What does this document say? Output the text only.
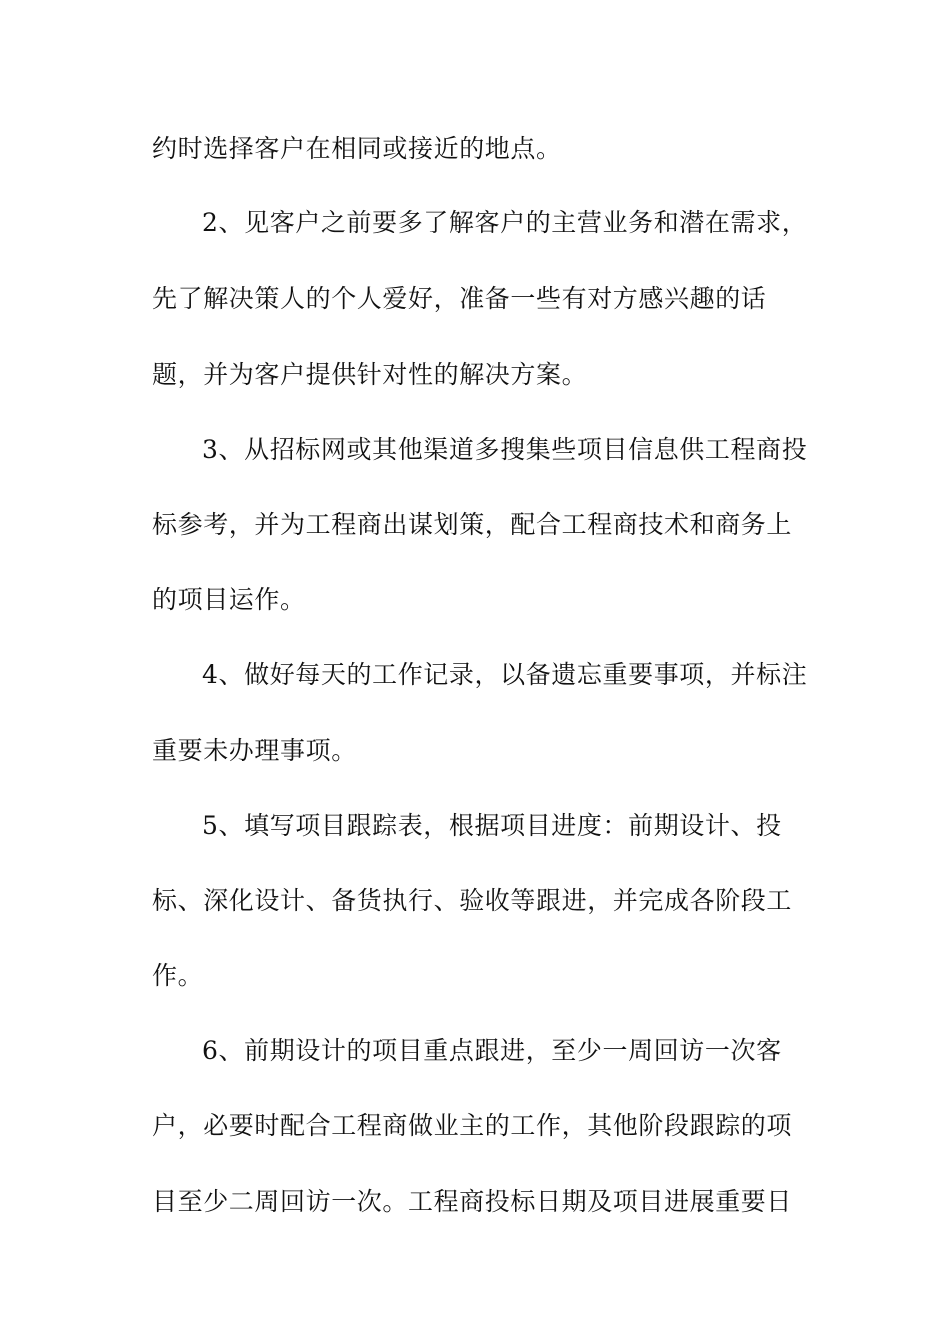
约时选择客户在相同或接近的地点。
2、见客户之前要多了解客户的主营业务和潜在需求，
先了解决策人的个人爱好，准备一些有对方感兴趣的话
题，并为客户提供针对性的解决方案。
3、从招标网或其他渠道多搜集些项目信息供工程商投
标参考，并为工程商出谋划策，配合工程商技术和商务上
的项目运作。
4、做好每天的工作记录，以备遗忘重要事项，并标注
重要未办理事项。
5、填写项目跟踪表，根据项目进度：前期设计、投
标、深化设计、备货执行、验收等跟进，并完成各阶段工
作。
6、前期设计的项目重点跟进，至少一周回访一次客
户，必要时配合工程商做业主的工作，其他阶段跟踪的项
目至少二周回访一次。工程商投标日期及项目进展重要日
